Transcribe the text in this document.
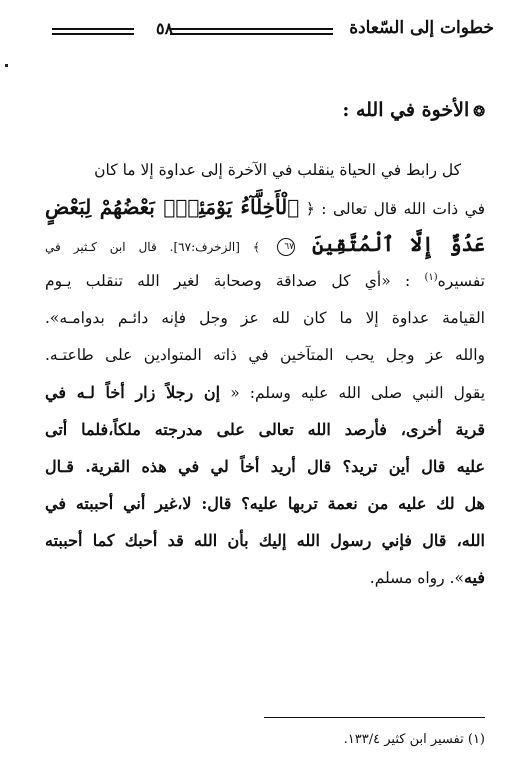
خطوات إلى السّعادة
٥٨
❂الأخوة في الله :
كل رابط في الحياة ينقلب في الآخرة إلى عداوة إلا ما كان
في ذات الله قال تعالى : ﴿ ٱلْأَخِلَّآءُ يَوْمَئِذٍۭ بَعْضُهُمْ لِبَعْضٍ
عَدُوٌّ إِلَّا ٱلْمُتَّقِينَ ٦٧ ﴾ [الزخرف:٦٧]. قال ابن كـثير في
تفسيره$^{(١)}$ : «أي كل صداقة وصحابة لغير الله تنقلب يـوم
القيامة عداوة إلا ما كان لله عز وجل فإنه دائـم بدوامـه».
والله عز وجل يحب المتآخين في ذاته المتوادين على طاعتـه.
يقول النبي صلى الله عليه وسلم: « إن رجلاً زار أخاً لـه في
قرية أخرى، فأرصد الله تعالى على مدرجته ملكاً،فلما أتى
عليه قال أين تريد؟ قال أريد أخاً لي في هذه القرية. قـال
هل لك عليه من نعمة تربها عليه؟ قال: لا،غير أني أحببته في
الله، قال فإني رسول الله إليك بأن الله قد أحبك كما أحببته
فيه». رواه مسلم.
(١) تفسير ابن كثير ١٣٣/٤.
